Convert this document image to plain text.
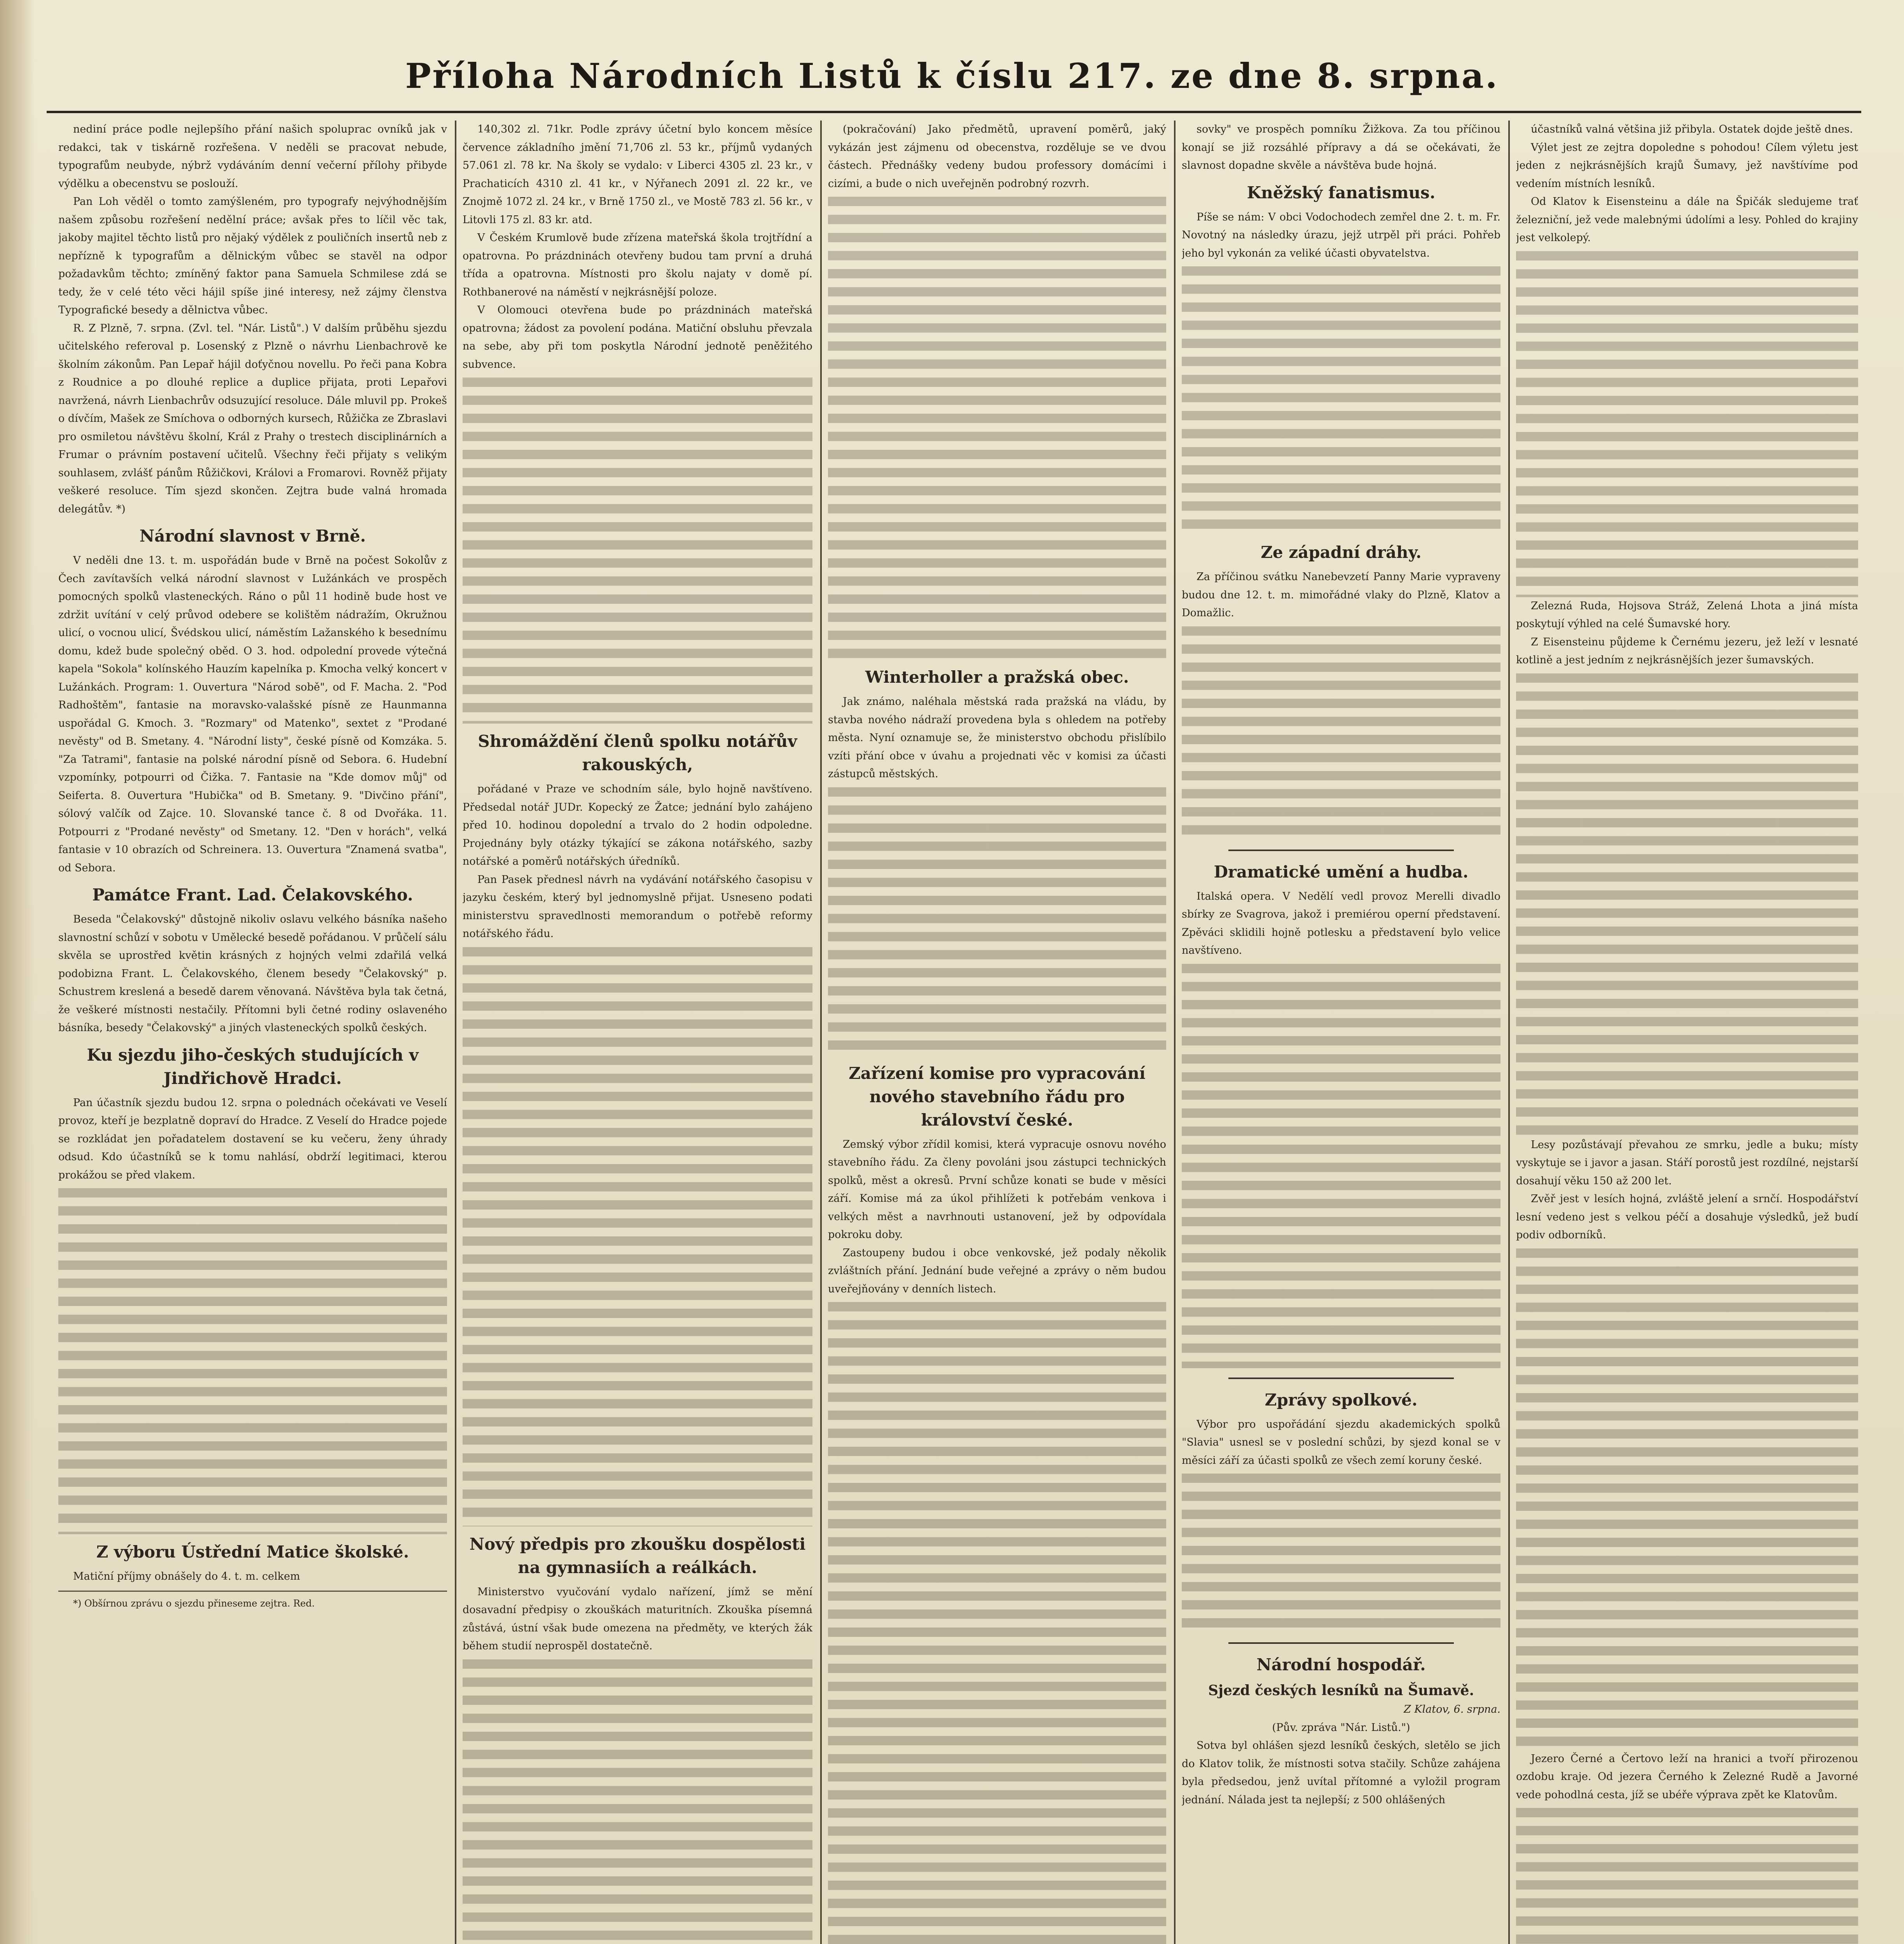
Příloha Národních Listů k číslu 217. ze dne 8. srpna.

nediní práce podle nejlepšího přání našich spoluprac ovníků jak v redakci, tak v tiskárně rozřešena. V neděli se pracovat nebude, typografům neubyde, nýbrž vydáváním denní večerní přílohy přibyde výdělku a obecenstvu se poslouží.

Pan Loh věděl o tomto zamýšleném, pro typografy nejvýhodnějším našem způsobu rozřešení nedělní práce; avšak přes to líčil věc tak, jakoby majitel těchto listů pro nějaký výdělek z pouličních insertů neb z nepřízně k typografům a dělnickým vůbec se stavěl na odpor požadavkům těchto; zmíněný faktor pana Samuela Schmilese zdá se tedy, že v celé této věci hájil spíše jiné interesy, než zájmy členstva Typografické besedy a dělnictva vůbec.

R. Z Plzně, 7. srpna. (Zvl. tel. "Nár. Listů".) V dalším průběhu sjezdu učitelského referoval p. Losenský z Plzně o návrhu Lienbachrově ke školním zákonům. Pan Lepař hájil doťyčnou novellu. Po řeči pana Kobra z Roudnice a po dlouhé replice a duplice přijata, proti Lepařovi navržená, návrh Lienbachrův odsuzující resoluce. Dále mluvil pp. Prokeš o dívčím, Mašek ze Smíchova o odborných kursech, Růžička ze Zbraslavi pro osmiletou návštěvu školní, Král z Prahy o trestech disciplinárních a Frumar o právním postavení učitelů. Všechny řeči přijaty s velikým souhlasem, zvlášť pánům Růžičkovi, Královi a Fromarovi. Rovněž přijaty veškeré resoluce. Tím sjezd skončen. Zejtra bude valná hromada delegátův. *)

Národní slavnost v Brně.

V neděli dne 13. t. m. uspořádán bude v Brně na počest Sokolův z Čech zavítavších velká národní slavnost v Lužánkách ve prospěch pomocných spolků vlasteneckých. Ráno o půl 11 hodině bude host ve zdržit uvítání v celý průvod odebere se kolištěm nádražím, Okružnou ulicí, o vocnou ulicí, Švédskou ulicí, náměstím Lažanského k besednímu domu, kdež bude společný oběd. O 3. hod. odpolední provede výtečná kapela "Sokola" kolínského Hauzím kapelníka p. Kmocha velký koncert v Lužánkách. Program: 1. Ouvertura "Národ sobě", od F. Macha. 2. "Pod Radhoštěm", fantasie na moravsko-valašské písně ze Haunmanna uspořádal G. Kmoch. 3. "Rozmary" od Matenko", sextet z "Prodané nevěsty" od B. Smetany. 4. "Národní listy", české písně od Komzáka. 5. "Za Tatrami", fantasie na polské národní písně od Sebora. 6. Hudební vzpomínky, potpourri od Čižka. 7. Fantasie na "Kde domov můj" od Seiferta. 8. Ouvertura "Hubička" od B. Smetany. 9. "Divčino přání", sólový valčík od Zajce. 10. Slovanské tance č. 8 od Dvořáka. 11. Potpourri z "Prodané nevěsty" od Smetany. 12. "Den v horách", velká fantasie v 10 obrazích od Schreinera. 13. Ouvertura "Znamená svatba", od Sebora.

Památce Frant. Lad. Čelakovského.

Beseda "Čelakovský" důstojně nikoliv oslavu velkého básníka našeho slavnostní schůzí v sobotu v Umělecké besedě pořádanou. V průčelí sálu skvěla se uprostřed květin krásných z hojných velmi zdařilá velká podobizna Frant. L. Čelakovského, členem besedy "Čelakovský" p. Schustrem kreslená a besedě darem věnovaná. Návštěva byla tak četná, že veškeré místnosti nestačily. Přítomni byli četné rodiny oslaveného básníka, besedy "Čelakovský" a jiných vlasteneckých spolků českých.

Ku sjezdu jiho-českých studujících v Jindřichově Hradci.

Pan účastník sjezdu budou 12. srpna o polednách očekávati ve Veselí provoz, kteří je bezplatně dopraví do Hradce. Z Veselí do Hradce pojede se rozkládat jen pořadatelem dostavení se ku večeru, ženy úhrady odsud. Kdo účastníků se k tomu nahlásí, obdrží legitimaci, kterou prokážou se před vlakem.

Z výboru Ústřední Matice školské.

Matiční příjmy obnášely do 4. t. m. celkem

*) Obšírnou zprávu o sjezdu přineseme zejtra. Red.

140,302 zl. 71kr. Podle zprávy účetní bylo koncem měsíce července základního jmění 71,706 zl. 53 kr., příjmů vydaných 57.061 zl. 78 kr. Na školy se vydalo: v Liberci 4305 zl. 23 kr., v Prachaticích 4310 zl. 41 kr., v Nýřanech 2091 zl. 22 kr., ve Znojmě 1072 zl. 24 kr., v Brně 1750 zl., ve Mostě 783 zl. 56 kr., v Litovli 175 zl. 83 kr. atd.

V Českém Krumlově bude zřízena mateřská škola trojtřídní a opatrovna. Po prázdninách otevřeny budou tam první a druhá třída a opatrovna. Místnosti pro školu najaty v domě pí. Rothbanerové na náměstí v nejkrásnější poloze.

V Olomouci otevřena bude po prázdninách mateřská opatrovna; žádost za povolení podána. Matiční obsluhu převzala na sebe, aby při tom poskytla Národní jednotě peněžitého subvence.

Shromáždění členů spolku notářův rakouských,

pořádané v Praze ve schodním sále, bylo hojně navštíveno. Předsedal notář JUDr. Kopecký ze Žatce; jednání bylo zahájeno před 10. hodinou dopolední a trvalo do 2 hodin odpoledne. Projednány byly otázky týkající se zákona notářského, sazby notářské a poměrů notářských úředníků.

Pan Pasek přednesl návrh na vydávání notářského časopisu v jazyku českém, který byl jednomyslně přijat. Usneseno podati ministerstvu spravedlnosti memorandum o potřebě reformy notářského řádu.

Nový předpis pro zkoušku dospělosti na gymnasiích a reálkách.

Ministerstvo vyučování vydalo nařízení, jímž se mění dosavadní předpisy o zkouškách maturitních. Zkouška písemná zůstává, ústní však bude omezena na předměty, ve kterých žák během studií neprospěl dostatečně.

(pokračování) Jako předmětů, upravení poměrů, jaký vykázán jest zájmenu od obecenstva, rozděluje se ve dvou částech. Přednášky vedeny budou professory domácími i cizími, a bude o nich uveřejněn podrobný rozvrh.

Winterholler a pražská obec.

Jak známo, naléhala městská rada pražská na vládu, by stavba nového nádraží provedena byla s ohledem na potřeby města. Nyní oznamuje se, že ministerstvo obchodu přislíbilo vzíti přání obce v úvahu a projednati věc v komisi za účasti zástupců městských.

Zařízení komise pro vypracování nového stavebního řádu pro království české.

Zemský výbor zřídil komisi, která vypracuje osnovu nového stavebního řádu. Za členy povoláni jsou zástupci technických spolků, měst a okresů. První schůze konati se bude v měsíci září. Komise má za úkol přihlížeti k potřebám venkova i velkých měst a navrhnouti ustanovení, jež by odpovídala pokroku doby.

Zastoupeny budou i obce venkovské, jež podaly několik zvláštních přání. Jednání bude veřejné a zprávy o něm budou uveřejňovány v denních listech.

sovky" ve prospěch pomníku Žižkova. Za tou příčinou konají se již rozsáhlé přípravy a dá se očekávati, že slavnost dopadne skvěle a návštěva bude hojná.

Kněžský fanatismus.

Píše se nám: V obci Vodochodech zemřel dne 2. t. m. Fr. Novotný na následky úrazu, jejž utrpěl při práci. Pohřeb jeho byl vykonán za veliké účasti obyvatelstva.

Ze západní dráhy.

Za příčinou svátku Nanebevzetí Panny Marie vypraveny budou dne 12. t. m. mimořádné vlaky do Plzně, Klatov a Domažlic.

Dramatické umění a hudba.

Italská opera. V Nedělí vedl provoz Merelli divadlo sbírky ze Svagrova, jakož i premiérou operní představení. Zpěváci sklidili hojně potlesku a představení bylo velice navštíveno.

Zprávy spolkové.

Výbor pro uspořádání sjezdu akademických spolků "Slavia" usnesl se v poslední schůzi, by sjezd konal se v měsíci září za účasti spolků ze všech zemí koruny české.

Národní hospodář.

Sjezd českých lesníků na Šumavě.

Z Klatov, 6. srpna.

(Pův. zpráva "Nár. Listů.")

Sotva byl ohlášen sjezd lesníků českých, sletělo se jich do Klatov tolik, že místnosti sotva stačily. Schůze zahájena byla předsedou, jenž uvítal přítomné a vyložil program jednání. Nálada jest ta nejlepší; z 500 ohlášených

účastníků valná většina již přibyla. Ostatek dojde ještě dnes.

Výlet jest ze zejtra dopoledne s pohodou! Cílem výletu jest jeden z nejkrásnějších krajů Šumavy, jež navštívíme pod vedením místních lesníků.

Od Klatov k Eisensteinu a dále na Špičák sledujeme trať železniční, jež vede malebnými údolími a lesy. Pohled do krajiny jest velkolepý.

Zelezná Ruda, Hojsova Stráž, Zelená Lhota a jiná místa poskytují výhled na celé Šumavské hory.

Z Eisensteinu půjdeme k Černému jezeru, jež leží v lesnaté kotlině a jest jedním z nejkrásnějších jezer šumavských.

Lesy pozůstávají převahou ze smrku, jedle a buku; místy vyskytuje se i javor a jasan. Stáří porostů jest rozdílné, nejstarší dosahují věku 150 až 200 let.

Zvěř jest v lesích hojná, zvláště jelení a srnčí. Hospodářství lesní vedeno jest s velkou péčí a dosahuje výsledků, jež budí podiv odborníků.

Jezero Černé a Čertovo leží na hranici a tvoří přirozenou ozdobu kraje. Od jezera Černého k Zelezné Rudě a Javorné vede pohodlná cesta, jíž se ubéře výprava zpět ke Klatovům.
